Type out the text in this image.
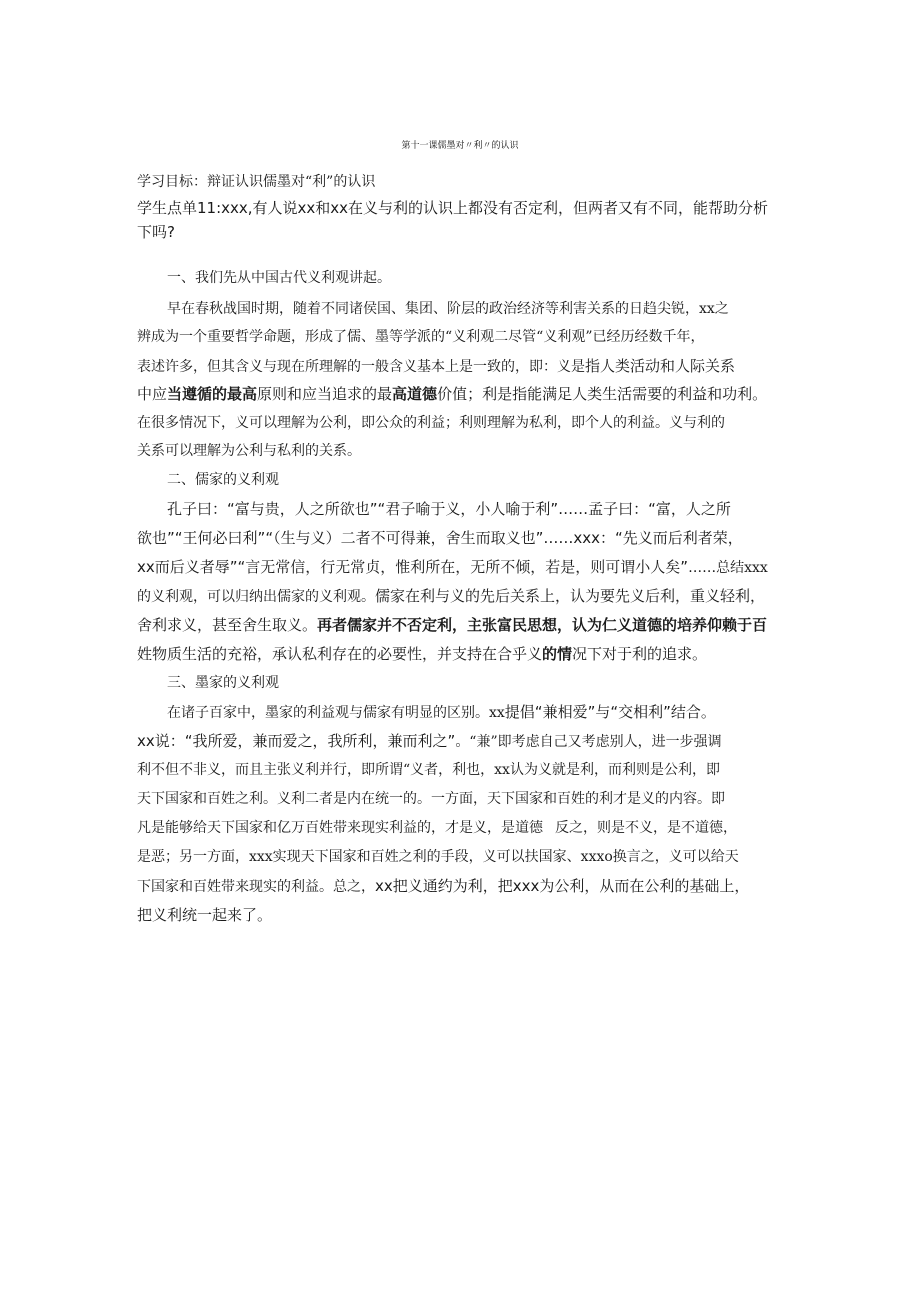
第十一课儒墨对〃利〃的认识
学习目标：辩证认识儒墨对“利”的认识
学生点单11:xxx,有人说xx和xx在义与利的认识上都没有否定利，但两者又有不同，能帮助分析
下吗?
一、我们先从中国古代义利观讲起。
早在春秋战国时期，随着不同诸侯国、集团、阶层的政治经济等利害关系的日趋尖锐，xx之
辨成为一个重要哲学命题，形成了儒、墨等学派的“义利观二尽管“义利观”已经历经数千年，
表述许多，但其含义与现在所理解的一般含义基本上是一致的，即：义是指人类活动和人际关系
中应当遵循的最高原则和应当追求的最高道德价值；利是指能满足人类生活需要的利益和功利。
在很多情况下，义可以理解为公利，即公众的利益；利则理解为私利，即个人的利益。义与利的
关系可以理解为公利与私利的关系。
二、儒家的义利观
孔子曰：“富与贵，人之所欲也”“君子喻于义，小人喻于利”……孟子曰：“富，人之所
欲也”“王何必曰利”“（生与义）二者不可得兼，舍生而取义也”……xxx：“先义而后利者荣，
xx而后义者辱”“言无常信，行无常贞，惟利所在，无所不倾，若是，则可谓小人矣”……总结xxx
的义利观，可以归纳出儒家的义利观。儒家在利与义的先后关系上，认为要先义后利，重义轻利，
舍利求义，甚至舍生取义。再者儒家并不否定利，主张富民思想，认为仁义道德的培养仰赖于百
姓物质生活的充裕，承认私利存在的必要性，并支持在合乎义的情况下对于利的追求。
三、墨家的义利观
在诸子百家中，墨家的利益观与儒家有明显的区别。xx提倡“兼相爱”与“交相利”结合。
xx说：“我所爱，兼而爱之，我所利，兼而利之”。“兼”即考虑自己又考虑别人，进一步强调
利不但不非义，而且主张义利并行，即所谓“义者，利也，xx认为义就是利，而利则是公利，即
天下国家和百姓之利。义利二者是内在统一的。一方面，天下国家和百姓的利才是义的内容。即
凡是能够给天下国家和亿万百姓带来现实利益的，才是义，是道德 反之，则是不义，是不道德，
是恶；另一方面，xxx实现天下国家和百姓之利的手段，义可以扶国家、xxxo换言之，义可以给天
下国家和百姓带来现实的利益。总之，xx把义通约为利，把xxx为公利，从而在公利的基础上，
把义利统一起来了。
